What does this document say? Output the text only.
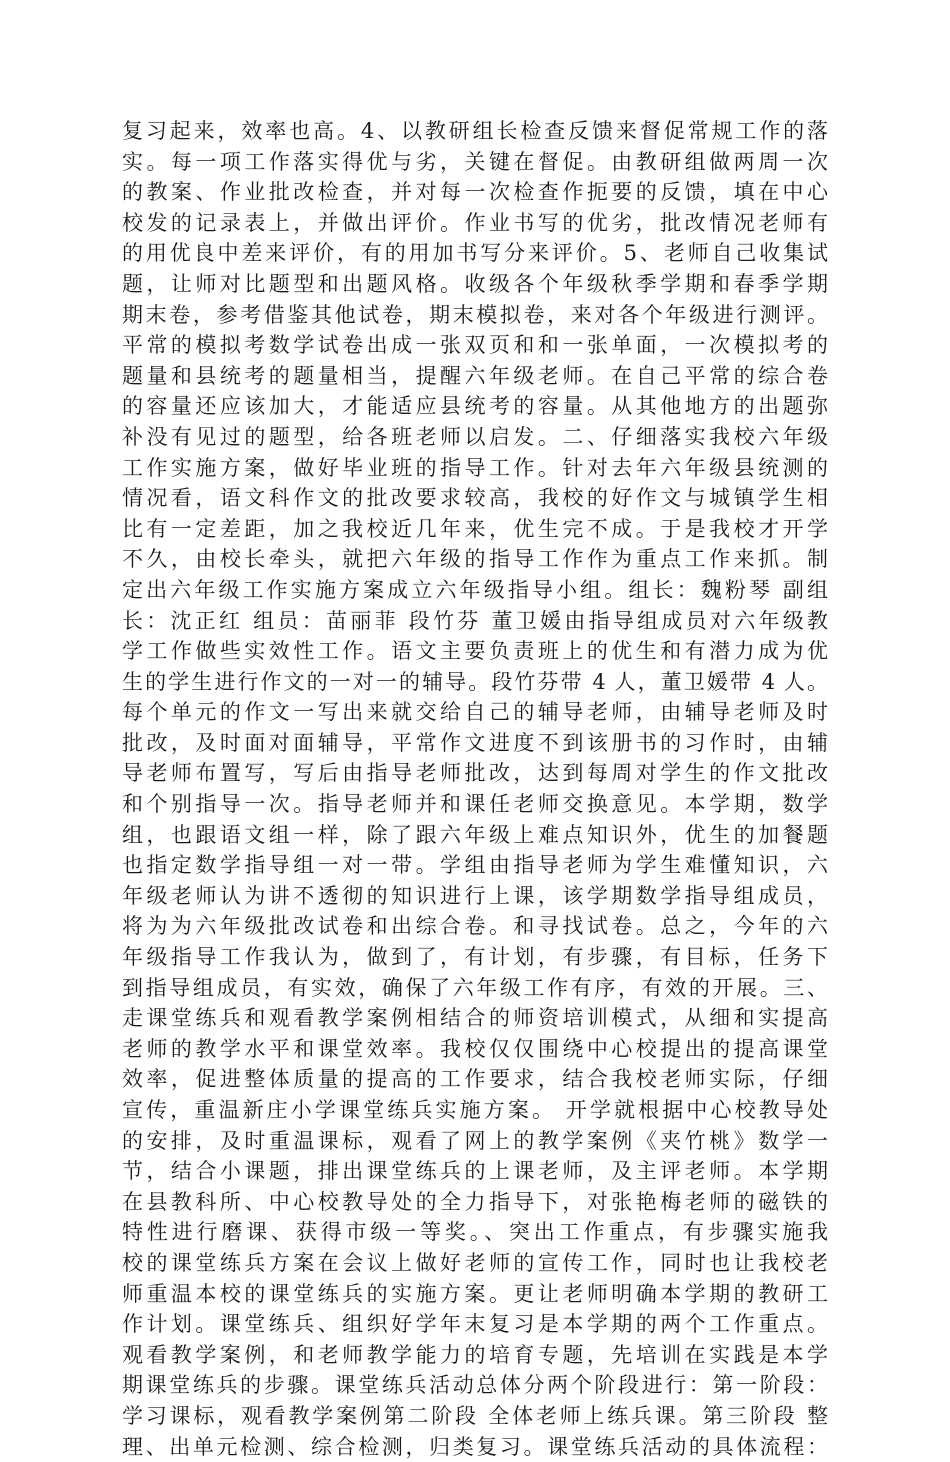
复习起来，效率也高。4、以教研组长检查反馈来督促常规工作的落
实。每一项工作落实得优与劣，关键在督促。由教研组做两周一次
的教案、作业批改检查，并对每一次检查作扼要的反馈，填在中心
校发的记录表上，并做出评价。作业书写的优劣，批改情况老师有
的用优良中差来评价，有的用加书写分来评价。5、老师自己收集试
题，让师对比题型和出题风格。收级各个年级秋季学期和春季学期
期末卷，参考借鉴其他试卷，期末模拟卷，来对各个年级进行测评。
平常的模拟考数学试卷出成一张双页和和一张单面，一次模拟考的
题量和县统考的题量相当，提醒六年级老师。在自己平常的综合卷
的容量还应该加大，才能适应县统考的容量。从其他地方的出题弥
补没有见过的题型，给各班老师以启发。二、仔细落实我校六年级
工作实施方案，做好毕业班的指导工作。针对去年六年级县统测的
情况看，语文科作文的批改要求较高，我校的好作文与城镇学生相
比有一定差距，加之我校近几年来，优生完不成。于是我校才开学
不久，由校长牵头，就把六年级的指导工作作为重点工作来抓。制
定出六年级工作实施方案成立六年级指导小组。组长：魏粉琴 副组
长：沈正红 组员：苗丽菲 段竹芬 董卫媛由指导组成员对六年级教
学工作做些实效性工作。语文主要负责班上的优生和有潜力成为优
生的学生进行作文的一对一的辅导。段竹芬带 4 人，董卫媛带 4 人。
每个单元的作文一写出来就交给自己的辅导老师，由辅导老师及时
批改，及时面对面辅导，平常作文进度不到该册书的习作时，由辅
导老师布置写，写后由指导老师批改，达到每周对学生的作文批改
和个别指导一次。指导老师并和课任老师交换意见。本学期，数学
组，也跟语文组一样，除了跟六年级上难点知识外，优生的加餐题
也指定数学指导组一对一带。学组由指导老师为学生难懂知识，六
年级老师认为讲不透彻的知识进行上课，该学期数学指导组成员，
将为为六年级批改试卷和出综合卷。和寻找试卷。总之，今年的六
年级指导工作我认为，做到了，有计划，有步骤，有目标，任务下
到指导组成员，有实效，确保了六年级工作有序，有效的开展。三、
走课堂练兵和观看教学案例相结合的师资培训模式，从细和实提高
老师的教学水平和课堂效率。我校仅仅围绕中心校提出的提高课堂
效率，促进整体质量的提高的工作要求，结合我校老师实际，仔细
宣传，重温新庄小学课堂练兵实施方案。 开学就根据中心校教导处
的安排，及时重温课标，观看了网上的教学案例《夹竹桃》数学一
节，结合小课题，排出课堂练兵的上课老师，及主评老师。本学期
在县教科所、中心校教导处的全力指导下，对张艳梅老师的磁铁的
特性进行磨课、获得市级一等奖。、突出工作重点，有步骤实施我
校的课堂练兵方案在会议上做好老师的宣传工作，同时也让我校老
师重温本校的课堂练兵的实施方案。更让老师明确本学期的教研工
作计划。课堂练兵、组织好学年末复习是本学期的两个工作重点。
观看教学案例，和老师教学能力的培育专题，先培训在实践是本学
期课堂练兵的步骤。课堂练兵活动总体分两个阶段进行：第一阶段：
学习课标，观看教学案例第二阶段 全体老师上练兵课。第三阶段 整
理、出单元检测、综合检测，归类复习。课堂练兵活动的具体流程：
